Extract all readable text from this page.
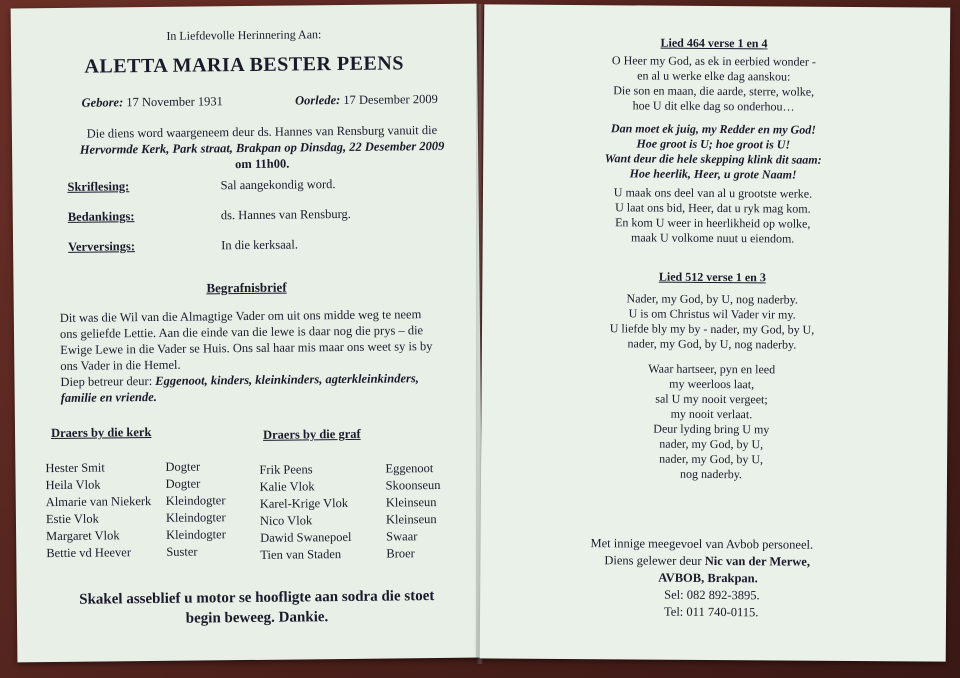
In Liefdevolle Herinnering Aan:
ALETTA MARIA BESTER PEENS
Gebore: 17 November 1931	Oorlede: 17 Desember 2009
Die diens word waargeneem deur ds. Hannes van Rensburg vanuit die
Hervormde Kerk, Park straat, Brakpan op Dinsdag, 22 Desember 2009
om 11h00.
Skriflesing:	Sal aangekondig word.
Bedankings:	ds. Hannes van Rensburg.
Verversings:	In die kerksaal.
Begrafnisbrief
Dit was die Wil van die Almagtige Vader om uit ons midde weg te neem
ons geliefde Lettie. Aan die einde van die lewe is daar nog die prys – die
Ewige Lewe in die Vader se Huis. Ons sal haar mis maar ons weet sy is by
ons Vader in die Hemel.
Diep betreur deur: Eggenoot, kinders, kleinkinders, agterkleinkinders,
familie en vriende.
Draers by die kerk	Draers by die graf
Hester Smit	Dogter
Heila Vlok	Dogter
Almarie van Niekerk Kleindogter
Estie Vlok	Kleindogter
Margaret Vlok	Kleindogter
Bettie vd Heever	Suster
Frik Peens	Eggenoot
Kalie Vlok	Skoonseun
Karel-Krige Vlok	Kleinseun
Nico Vlok	Kleinseun
Dawid Swanepoel	Swaar
Tien van Staden	Broer
Skakel asseblief u motor se hoofligte aan sodra die stoet
begin beweeg. Dankie.
Lied 464 verse 1 en 4
O Heer my God, as ek in eerbied wonder -
en al u werke elke dag aanskou:
Die son en maan, die aarde, sterre, wolke,
hoe U dit elke dag so onderhou…
Dan moet ek juig, my Redder en my God!
Hoe groot is U; hoe groot is U!
Want deur die hele skepping klink dit saam:
Hoe heerlik, Heer, u grote Naam!
U maak ons deel van al u grootste werke.
U laat ons bid, Heer, dat u ryk mag kom.
En kom U weer in heerlikheid op wolke,
maak U volkome nuut u eiendom.
Lied 512 verse 1 en 3
Nader, my God, by U, nog naderby.
U is om Christus wil Vader vir my.
U liefde bly my by - nader, my God, by U,
nader, my God, by U, nog naderby.
Waar hartseer, pyn en leed
my weerloos laat,
sal U my nooit vergeet;
my nooit verlaat.
Deur lyding bring U my
nader, my God, by U,
nader, my God, by U,
nog naderby.
Met innige meegevoel van Avbob personeel.
Diens gelewer deur Nic van der Merwe,
AVBOB, Brakpan.
Sel: 082 892-3895.
Tel: 011 740-0115.
